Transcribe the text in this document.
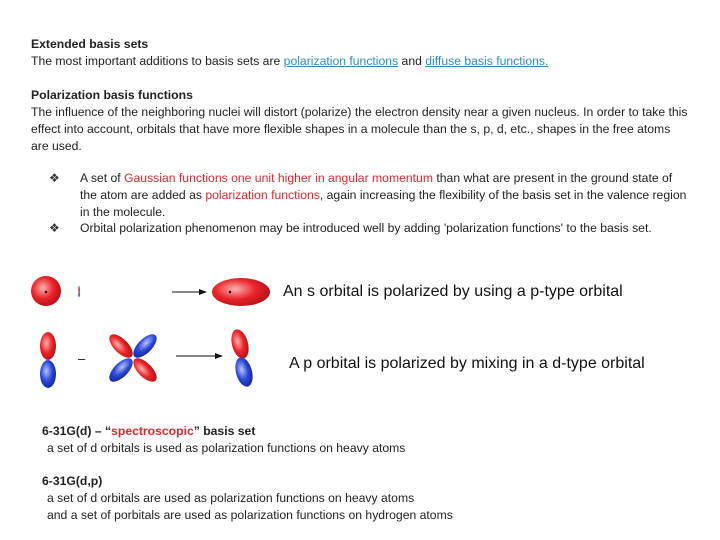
Extended basis sets
The most important additions to basis sets are polarization functions and diffuse basis functions.
Polarization basis functions
The influence of the neighboring nuclei will distort (polarize) the electron density near a given nucleus. In order to take this effect into account, orbitals that have more flexible shapes in a molecule than the s, p, d, etc., shapes in the free atoms are used.
❖ A set of Gaussian functions one unit higher in angular momentum than what are present in the ground state of the atom are added as polarization functions, again increasing the flexibility of the basis set in the valence region in the molecule.
❖ Orbital polarization phenomenon may be introduced well by adding 'polarization functions' to the basis set.
–
An s orbital is polarized by using a p-type orbital
A p orbital is polarized by mixing in a d-type orbital
6-31G(d) – “spectroscopic” basis set
a set of d orbitals is used as polarization functions on heavy atoms
6-31G(d,p)
a set of d orbitals are used as polarization functions on heavy atoms
and a set of porbitals are used as polarization functions on hydrogen atoms
